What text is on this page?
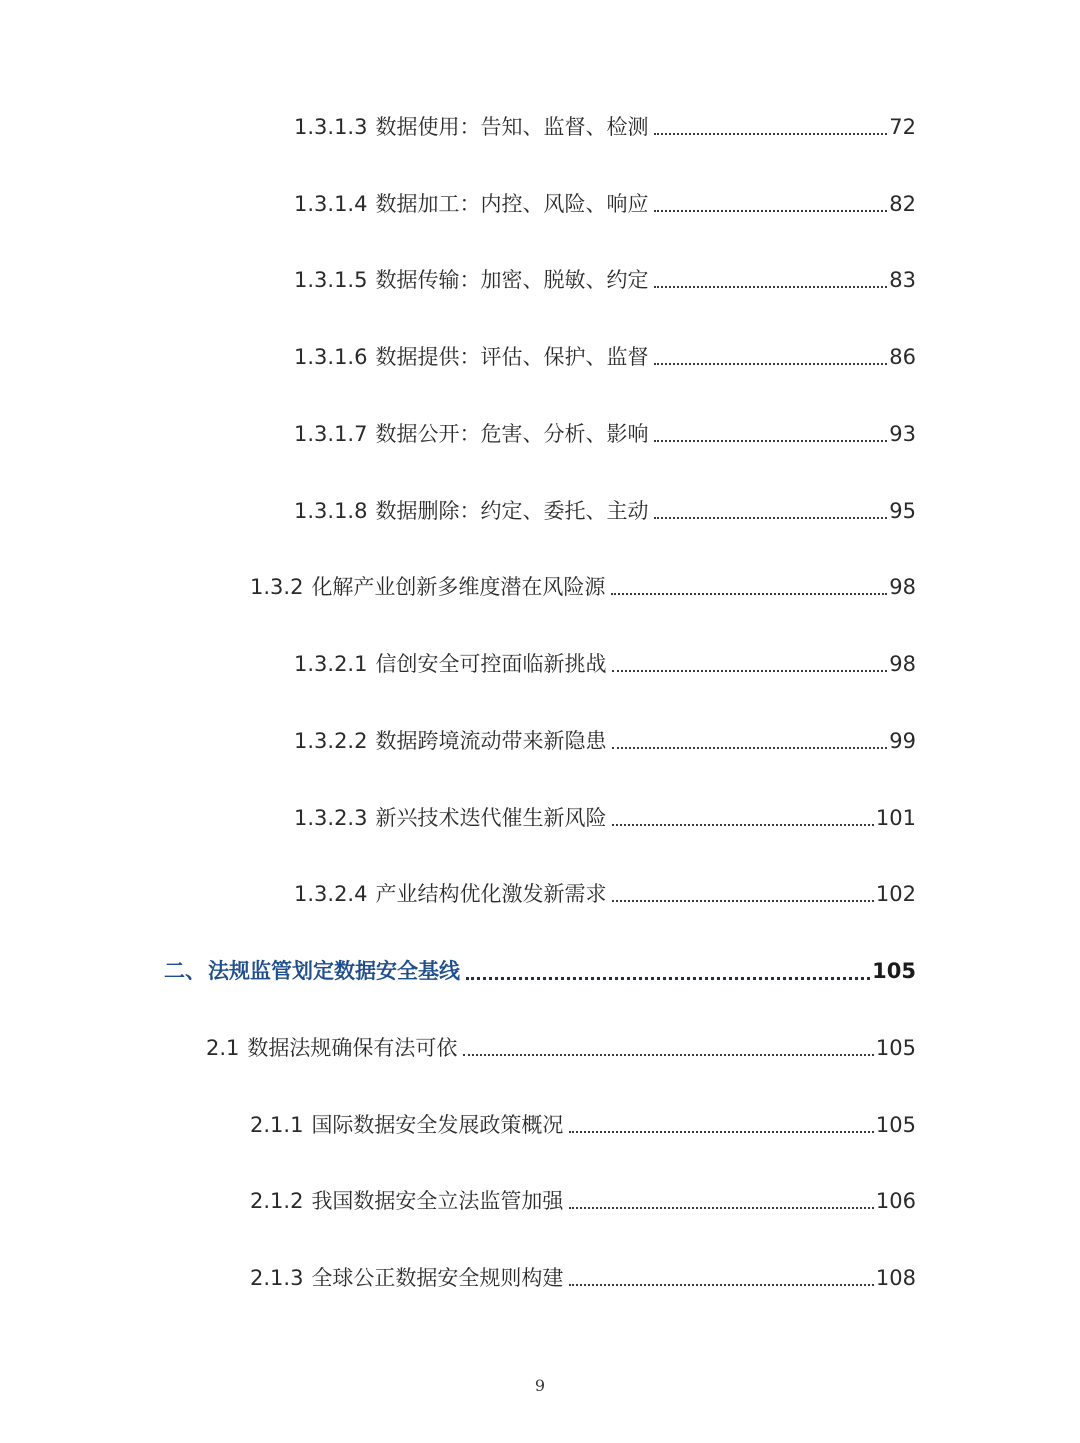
1.3.1.3 数据使用：告知、监督、检测	72
1.3.1.4 数据加工：内控、风险、响应	82
1.3.1.5 数据传输：加密、脱敏、约定	83
1.3.1.6 数据提供：评估、保护、监督	86
1.3.1.7 数据公开：危害、分析、影响	93
1.3.1.8 数据删除：约定、委托、主动	95
1.3.2 化解产业创新多维度潜在风险源	98
1.3.2.1 信创安全可控面临新挑战	98
1.3.2.2 数据跨境流动带来新隐患	99
1.3.2.3 新兴技术迭代催生新风险	101
1.3.2.4 产业结构优化激发新需求	102
二、 法规监管划定数据安全基线	105
2.1 数据法规确保有法可依	105
2.1.1 国际数据安全发展政策概况	105
2.1.2 我国数据安全立法监管加强	106
2.1.3 全球公正数据安全规则构建	108
9
